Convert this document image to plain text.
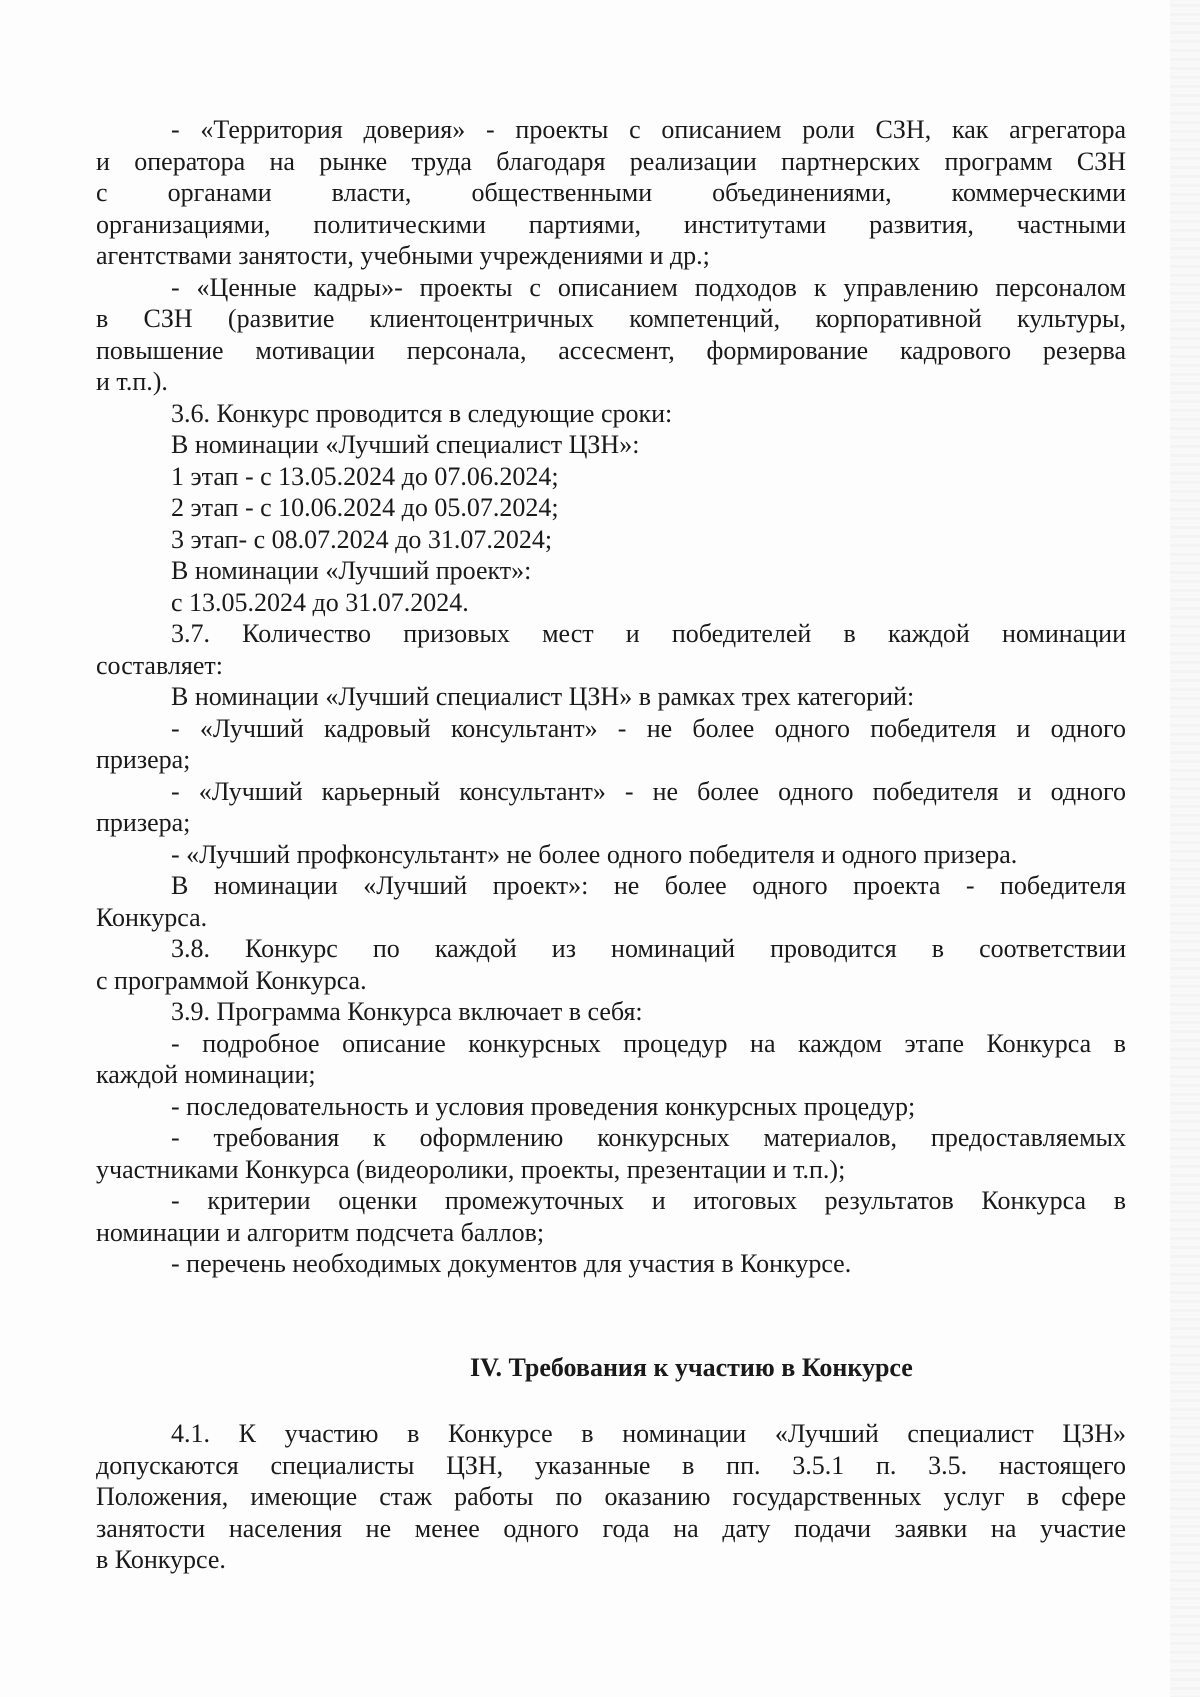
- «Территория доверия» - проекты с описанием роли СЗН, как агрегатора

и оператора на рынке труда благодаря реализации партнерских программ СЗН

с органами власти, общественными объединениями, коммерческими

организациями, политическими партиями, институтами развития, частными

агентствами занятости, учебными учреждениями и др.;

- «Ценные кадры»- проекты с описанием подходов к управлению персоналом

в СЗН (развитие клиентоцентричных компетенций, корпоративной культуры,

повышение мотивации персонала, ассесмент, формирование кадрового резерва

и т.п.).

3.6. Конкурс проводится в следующие сроки:

В номинации «Лучший специалист ЦЗН»:

1 этап - с 13.05.2024 до 07.06.2024;

2 этап - с 10.06.2024 до 05.07.2024;

3 этап- с 08.07.2024 до 31.07.2024;

В номинации «Лучший проект»:

с 13.05.2024 до 31.07.2024.

3.7. Количество призовых мест и победителей в каждой номинации

составляет:

В номинации «Лучший специалист ЦЗН» в рамках трех категорий:

- «Лучший кадровый консультант» - не более одного победителя и одного

призера;

- «Лучший карьерный консультант» - не более одного победителя и одного

призера;

- «Лучший профконсультант» не более одного победителя и одного призера.

В номинации «Лучший проект»: не более одного проекта - победителя

Конкурса.

3.8. Конкурс по каждой из номинаций проводится в соответствии

с программой Конкурса.

3.9. Программа Конкурса включает в себя:

- подробное описание конкурсных процедур на каждом этапе Конкурса в

каждой номинации;

- последовательность и условия проведения конкурсных процедур;

- требования к оформлению конкурсных материалов, предоставляемых

участниками Конкурса (видеоролики, проекты, презентации и т.п.);

- критерии оценки промежуточных и итоговых результатов Конкурса в

номинации и алгоритм подсчета баллов;

- перечень необходимых документов для участия в Конкурсе.

IV. Требования к участию в Конкурсе

4.1. К участию в Конкурсе в номинации «Лучший специалист ЦЗН»

допускаются специалисты ЦЗН, указанные в пп. 3.5.1 п. 3.5. настоящего

Положения, имеющие стаж работы по оказанию государственных услуг в сфере

занятости населения не менее одного года на дату подачи заявки на участие

в Конкурсе.
